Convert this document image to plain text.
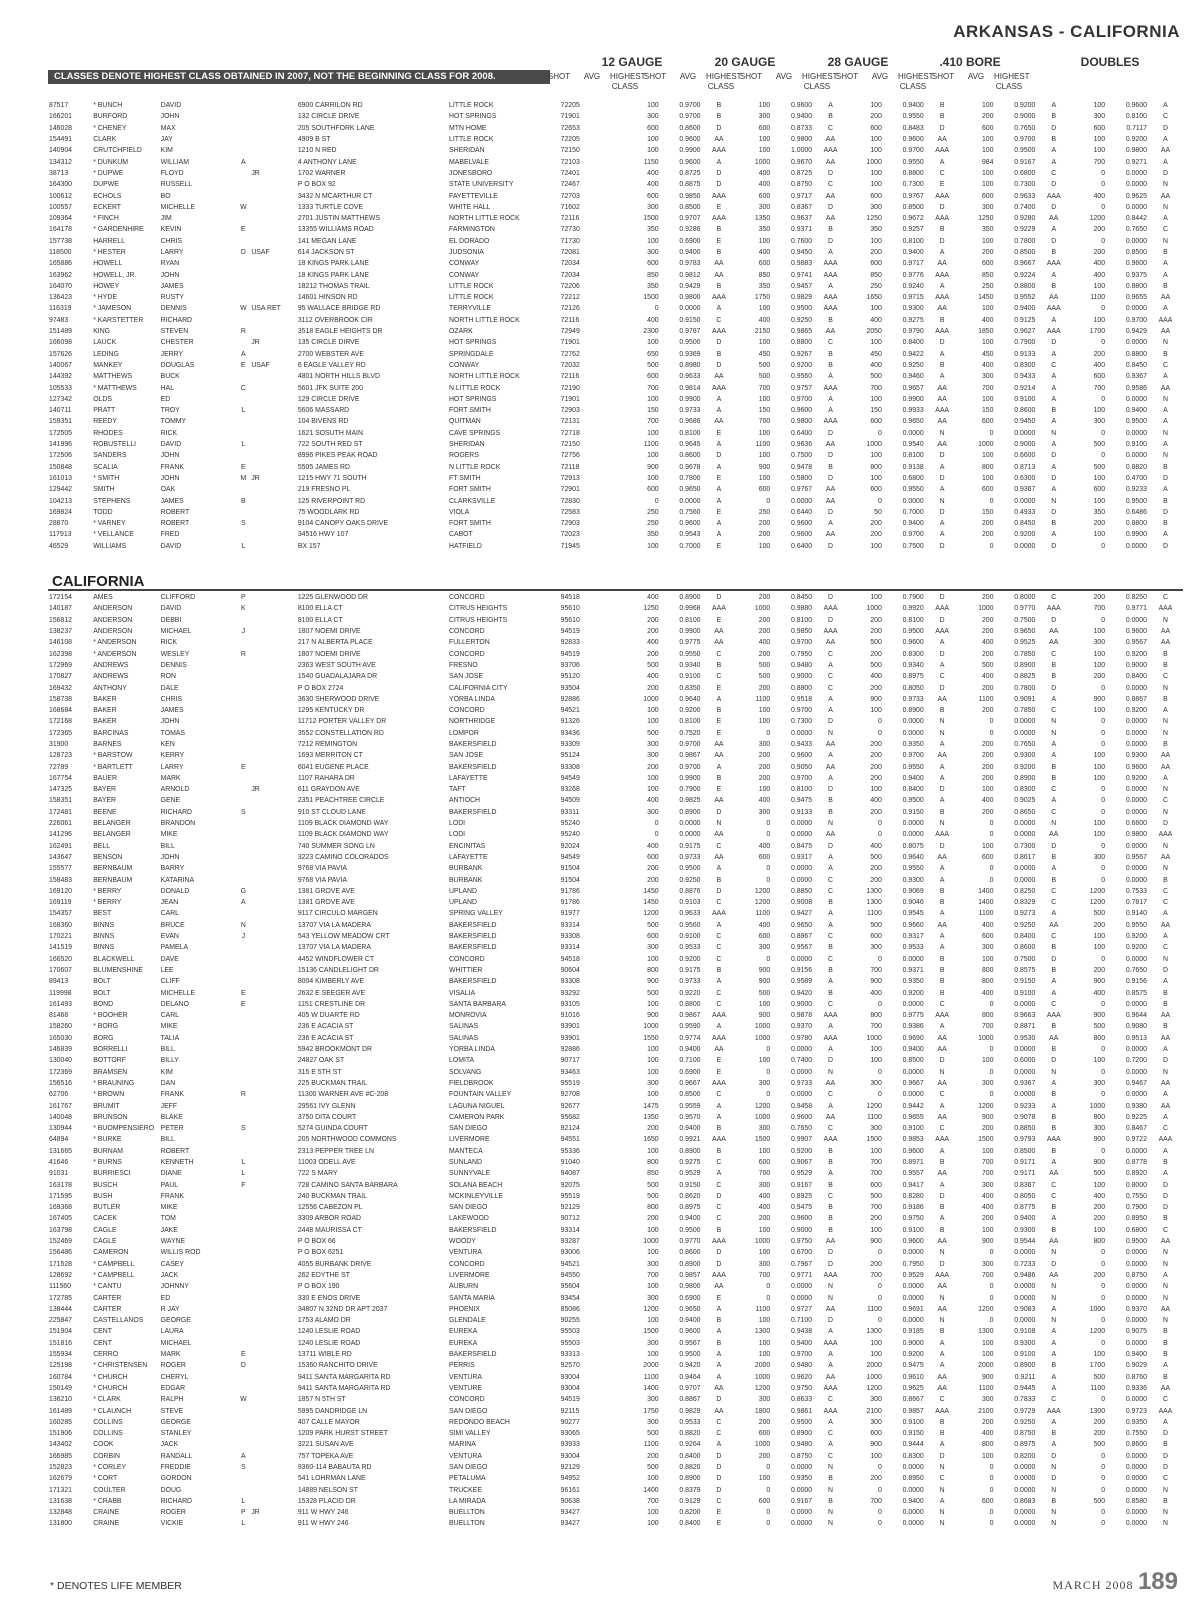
ARKANSAS - CALIFORNIA
12 GAUGE	20 GAUGE	28 GAUGE	.410 BORE	DOUBLES
CLASSES DENOTE HIGHEST CLASS OBTAINED IN 2007, NOT THE BEGINNING CLASS FOR 2008.	SHOT	AVG	HIGHEST
CLASS
SHOT	AVG	HIGHEST
CLASS
SHOT	AVG	HIGHEST
CLASS
SHOT	AVG	HIGHEST
CLASS
SHOT	AVG	HIGHEST
CLASS
87517	* BUNCH	DAVID			6900 CARRILON RD	LITTLE ROCK	72205	100	0.9700	B	100	0.9600	A	100	0.9400	B	100	0.9200	A	100	0.9600	A
166201	BURFORD	JOHN			132 CIRCLE DRIVE	HOT SPRINGS	71901	300	0.9700	B	300	0.9400	B	200	0.9550	B	200	0.9000	B	300	0.8100	C
146028	* CHENEY	MAX			205 SOUTHFORK LANE	MTN HOME	72653	600	0.8600	D	600	0.8733	C	600	0.8483	D	600	0.7650	D	600	0.7117	D
154491	CLARK	JAY			4909 B ST	LITTLE ROCK	72205	100	0.9600	AA	100	0.9800	AA	100	0.9600	AA	100	0.9700	B	100	0.9200	A
140904	CRUTCHFIELD	KIM			1210 N RED	SHERIDAN	72150	100	0.9900	AAA	100	1.0000	AAA	100	0.9700	AAA	100	0.9500	A	100	0.9800	AA
134312	* DUNKUM	WILLIAM	A		4 ANTHONY LANE	MABELVALE	72103	1150	0.9600	A	1000	0.9670	AA	1000	0.9550	A	984	0.9167	A	700	0.9271	A
38713	* DUPWE	FLOYD		JR	1702 WARNER	JONESBORO	72401	400	0.8725	D	400	0.8725	D	100	0.8800	C	100	0.6800	C	0	0.0000	D
164300	DUPWE	RUSSELL			P O BOX 92	STATE UNIVERSITY	72467	400	0.8875	D	400	0.8750	C	100	0.7300	E	100	0.7300	D	0	0.0000	N
100612	ECHOLS	BO			3432 N MCARTHUR CT	FAYETTEVILLE	72703	600	0.9850	AAA	600	0.9717	AA	600	0.9767	AAA	600	0.9633	AAA	400	0.9625	AA
100557	ECKERT	MICHELLE	W		1333 TURTLE COVE	WHITE HALL	71602	300	0.8500	E	300	0.8367	D	300	0.8500	D	300	0.7400	D	0	0.0000	N
109364	* FINCH	JIM			2701 JUSTIN MATTHEWS	NORTH LITTLE ROCK	72116	1500	0.9707	AAA	1350	0.9637	AA	1250	0.9672	AAA	1250	0.9280	AA	1200	0.8442	A
164178	* GARDENHIRE	KEVIN	E		13355 WILLIAMS ROAD	FARMINGTON	72730	350	0.9286	B	350	0.9371	B	350	0.9257	B	350	0.9229	A	200	0.7650	C
157738	HARRELL	CHRIS			141 MEGAN LANE	EL DORADO	71730	100	0.6900	E	100	0.7600	D	100	0.8100	D	100	0.7800	D	0	0.0000	N
118500	* HESTER	LARRY	D	USAF	614 JACKSON ST	JUDSONIA	72081	300	0.9400	B	400	0.9450	A	200	0.9400	A	200	0.8500	B	200	0.8500	B
165886	HOWELL	RYAN			18 KINGS PARK LANE	CONWAY	72034	600	0.9783	AA	600	0.9883	AAA	600	0.9717	AA	600	0.9667	AAA	400	0.9600	A
163962	HOWELL, JR.	JOHN			18 KINGS PARK LANE	CONWAY	72034	850	0.9812	AA	850	0.9741	AAA	850	0.9776	AAA	850	0.9224	A	400	0.9375	A
164070	HOWEY	JAMES			18212 THOMAS TRAIL	LITTLE ROCK	72206	350	0.9429	B	350	0.9457	A	250	0.9240	A	250	0.8800	B	100	0.8800	B
136423	* HYDE	RUSTY			14601 HINSON RD	LITTLE ROCK	72212	1500	0.9800	AAA	1750	0.9829	AAA	1650	0.9715	AAA	1450	0.9552	AA	1100	0.9655	AA
116319	* JAMESON	DENNIS	W	USA RET	95 WALLACE BRIDGE RD	TERRYVILLE	72126	0	0.0000	A	100	0.9500	AAA	100	0.9300	AA	100	0.9400	AAA	0	0.0000	A
97483	* KARSTETTER	RICHARD			3112 OVERBROOK CIR	NORTH LITTLE ROCK	72116	400	0.9150	C	400	0.9250	B	400	0.9275	B	400	0.9125	A	100	0.9700	AAA
151489	KING	STEVEN	R		3518 EAGLE HEIGHTS DR	OZARK	72949	2300	0.9787	AAA	2150	0.9865	AA	2050	0.9790	AAA	1850	0.9627	AAA	1700	0.9429	AA
166098	LAUCK	CHESTER		JR	135 CIRCLE DIRVE	HOT SPRINGS	71901	100	0.9500	D	100	0.8800	C	100	0.8400	D	100	0.7900	D	0	0.0000	N
157626	LEDING	JERRY	A		2700 WEBSTER AVE	SPRINGDALE	72762	650	0.9369	B	450	0.9267	B	450	0.9422	A	450	0.9133	A	200	0.8800	B
140067	MANKEY	DOUGLAS	E	USAF	6 EAGLE VALLEY RD	CONWAY	72032	500	0.8980	D	500	0.9200	B	400	0.9250	B	400	0.8300	C	400	0.8450	C
144392	MATTHEWS	BUCK			4801 NORTH HILLS BLVD	NORTH LITTLE ROCK	72116	600	0.9633	AA	500	0.9560	A	500	0.9460	A	300	0.9433	A	600	0.9367	A
105533	* MATTHEWS	HAL	C		5601 JFK SUITE 200	N LITTLE ROCK	72190	700	0.9814	AAA	700	0.9757	AAA	700	0.9657	AA	700	0.9214	A	700	0.9586	AA
127342	OLDS	ED			129 CIRCLE DRIVE	HOT SPRINGS	71901	100	0.9900	A	100	0.9700	A	100	0.9900	AA	100	0.9100	A	0	0.0000	N
140711	PRATT	TROY	L		5606 MASSARD	FORT SMITH	72903	150	0.9733	A	150	0.9600	A	150	0.9933	AAA	150	0.8600	B	100	0.9400	A
159351	REEDY	TOMMY			104 BIVENS RD	QUITMAN	72131	700	0.9686	AA	700	0.9800	AAA	600	0.9650	AA	600	0.9450	A	300	0.9500	A
172505	RHODES	RICK			1621 SOSUTH MAIN	CAVE SPRINGS	72718	100	0.8100	E	100	0.6400	D	0	0.0000	N	0	0.0000	N	0	0.0000	N
141996	ROBUSTELLI	DAVID	L		722 SOUTH RED ST	SHERIDAN	72150	1100	0.9645	A	1100	0.9636	AA	1000	0.9540	AA	1000	0.9000	A	500	0.9100	A
172506	SANDERS	JOHN			8996 PIKES PEAK ROAD	ROGERS	72756	100	0.8600	D	100	0.7500	D	100	0.8100	D	100	0.6600	D	0	0.0000	N
150848	SCALIA	FRANK	E		5505 JAMES RD	N LITTLE ROCK	72118	900	0.9678	A	900	0.9478	B	800	0.9138	A	800	0.8713	A	500	0.8820	B
161013	* SMITH	JOHN	M	JR	1215 HWY 71 SOUTH	FT SMITH	72913	100	0.7800	E	100	0.5800	D	100	0.6800	D	100	0.6300	D	100	0.4700	D
129442	SMITH	OAK			219 FRESNO PL	FORT SMITH	72901	600	0.9650	A	600	0.9767	AA	600	0.9550	A	600	0.9367	A	600	0.9233	A
104213	STEPHENS	JAMES	B		125 RIVERPOINT RD	CLARKSVILLE	72830	0	0.0000	A	0	0.0000	AA	0	0.0000	N	0	0.0000	N	100	0.9500	B
169824	TODD	ROBERT			75 WOODLARK RD	VIOLA	72583	250	0.7560	E	250	0.6440	D	50	0.7000	D	150	0.4933	D	350	0.6486	D
28870	* VARNEY	ROBERT	S		9104 CANOPY OAKS DRIVE	FORT SMITH	72903	250	0.9600	A	200	0.9600	A	200	0.9400	A	200	0.8450	B	200	0.8800	B
117913	* VELLANCE	FRED			34516 HWY 107	CABOT	72023	350	0.9543	A	200	0.9600	AA	200	0.9700	A	200	0.9200	A	100	0.9900	A
46529	WILLIAMS	DAVID	L		BX 157	HATFIELD	71945	100	0.7000	E	100	0.6400	D	100	0.7500	D	0	0.0000	D	0	0.0000	D
CALIFORNIA
172154	AMES	CLIFFORD	P		1225 GLENWOOD DR	CONCORD	94518	400	0.8900	D	200	0.8450	D	100	0.7900	D	200	0.8000	C	200	0.8250	C
140187	ANDERSON	DAVID	K		8100 ELLA CT	CITRUS HEIGHTS	95610	1250	0.9968	AAA	1000	0.9880	AAA	1000	0.9920	AAA	1000	0.9770	AAA	700	0.9771	AAA
156812	ANDERSON	DEBBI			8100 ELLA CT	CITRUS HEIGHTS	95610	200	0.8100	E	200	0.8100	D	200	0.8100	D	200	0.7500	D	0	0.0000	N
138237	ANDERSON	MICHAEL	J		1807 NOEMI DRIVE	CONCORD	94519	200	0.9900	AA	200	0.9850	AAA	200	0.9500	AAA	200	0.9650	AA	100	0.9600	AA
146108	* ANDERSON	RICK			217 N ALBERTA PLACE	FULLERTON	92833	400	0.9775	AA	400	0.9700	AA	500	0.9600	A	400	0.9525	AA	300	0.9567	AA
162398	* ANDERSON	WESLEY	R		1807 NOEMI DRIVE	CONCORD	94519	200	0.9550	C	200	0.7950	C	200	0.8300	D	200	0.7850	C	100	0.9200	B
172969	ANDREWS	DENNIS			2363 WEST SOUTH AVE	FRESNO	93706	500	0.9340	B	500	0.9480	A	500	0.9340	A	500	0.8900	B	100	0.9000	B
170827	ANDREWS	RON			1540 GUADALAJARA DR	SAN JOSE	95120	400	0.9100	C	500	0.9000	C	400	0.8975	C	400	0.8825	B	200	0.8400	C
169432	ANTHONY	DALE			P O BOX 2724	CALIFORNIA CITY	93504	200	0.8350	E	200	0.8800	C	200	0.8050	D	200	0.7800	D	0	0.0000	N
158738	BAKER	CHRIS			3630 SHERWOOD DRIVE	YORBA LINDA	92886	1000	0.9640	A	1100	0.9518	A	900	0.9733	AA	1100	0.9091	A	900	0.8867	B
168684	BAKER	JAMES			1295 KENTUCKY DR	CONCORD	94521	100	0.9200	B	100	0.9700	A	100	0.8900	B	200	0.7850	C	100	0.9200	A
172168	BAKER	JOHN			11712 PORTER VALLEY DR	NORTHRIDGE	91326	100	0.8100	E	100	0.7300	D	0	0.0000	N	0	0.0000	N	0	0.0000	N
172365	BARCINAS	TOMAS			3552 CONSTELLATION RD	LOMPOR	93436	500	0.7520	E	0	0.0000	N	0	0.0000	N	0	0.0000	N	0	0.0000	N
31900	BARNES	KEN			7212 REMINGTON	BAKERSFIELD	93309	300	0.9700	AA	300	0.9433	AA	200	0.9350	A	200	0.7650	A	0	0.0000	B
128723	* BARSTOW	KERRY			1693 MERRITON CT	SAN JOSE	95124	300	0.9867	AA	200	0.9600	A	200	0.9700	AA	200	0.9300	A	100	0.9300	AA
72789	* BARTLETT	LARRY	E		6041 EUGENE PLACE	BAKERSFIELD	93308	200	0.9700	A	200	0.9050	AA	200	0.9550	A	200	0.9200	B	100	0.9600	AA
167754	BAUER	MARK			1107 RAHARA DR	LAFAYETTE	94549	100	0.9900	B	200	0.9700	A	200	0.9400	A	200	0.8900	B	100	0.9200	A
147325	BAYER	ARNOLD		JR	611 GRAYDON AVE	TAFT	93268	100	0.7900	E	100	0.8100	D	100	0.8400	D	100	0.8300	C	0	0.0000	N
158351	BAYER	GENE			2351 PEACHTREE CIRCLE	ANTIOCH	94509	400	0.9825	AA	400	0.9475	B	400	0.9500	A	400	0.9025	A	0	0.0000	C
172481	BEENE	RICHARD	S		910 ST CLOUD LANE	BAKERSFIELD	93311	300	0.8900	D	300	0.9133	B	200	0.9150	B	200	0.8650	C	0	0.0000	N
226061	BELANGER	BRANDON			1109 BLACK DIAMOND WAY	LODI	95240	0	0.0000	N	0	0.0000	N	0	0.0000	N	0	0.0000	N	100	0.6600	D
141296	BELANGER	MIKE			1109 BLACK DIAMOND WAY	LODI	95240	0	0.0000	AA	0	0.0000	AA	0	0.0000	AAA	0	0.0000	AA	100	0.9800	AAA
162491	BELL	BILL			740 SUMMER SONG LN	ENCINITAS	92024	400	0.9175	C	400	0.8475	D	400	0.8075	D	100	0.7300	D	0	0.0000	N
143647	BENSON	JOHN			3223 CAMINO COLORADOS	LAFAYETTE	94549	600	0.9733	AA	600	0.9317	A	500	0.9640	AA	600	0.8617	B	300	0.9567	AA
155577	BERNBAUM	BARRY			9768 VIA PAVIA	BURBANK	91504	200	0.9500	A	0	0.0000	A	200	0.9550	A	0	0.0000	A	0	0.0000	N
158483	BERNBAUM	KATARINA			9768 VIA PAVIA	BURBANK	91504	200	0.9250	B	0	0.0000	C	200	0.9300	A	0	0.0000	B	0	0.0000	B
169120	* BERRY	DONALD	G		1381 GROVE AVE	UPLAND	91786	1450	0.8876	D	1200	0.8850	C	1300	0.9069	B	1400	0.8250	C	1200	0.7533	C
169119	* BERRY	JEAN	A		1381 GROVE AVE	UPLAND	91786	1450	0.9103	C	1200	0.9008	B	1300	0.9046	B	1400	0.8329	C	1200	0.7817	C
154357	BEST	CARL			9117 CIRCULO MARGEN	SPRING VALLEY	91977	1200	0.9633	AAA	1100	0.9427	A	1100	0.9545	A	1100	0.9273	A	500	0.9140	A
168360	BINNS	BRUCE	N		13707 VIA LA MADERA	BAKERSFIELD	93314	500	0.9560	A	400	0.9650	A	500	0.9660	AA	400	0.9250	AA	200	0.9550	AA
170221	BINNS	EVAN	J		543 YELLOW MEADOW CRT	BAKERSFIELD	93308	600	0.9100	C	600	0.8867	C	600	0.9317	A	600	0.8400	C	100	0.9200	A
141519	BINNS	PAMELA			13707 VIA LA MADERA	BAKERSFIELD	93314	300	0.9533	C	300	0.9567	B	300	0.9533	A	300	0.8600	B	100	0.9200	C
166520	BLACKWELL	DAVE			4452 WINDFLOWER CT	CONCORD	94518	100	0.9200	C	0	0.0000	C	0	0.0000	B	100	0.7500	D	0	0.0000	N
170607	BLUMENSHINE	LEE			15136 CANDLELIGHT DR	WHITTIER	90604	800	0.9175	B	900	0.9156	B	700	0.9371	B	800	0.8575	B	200	0.7650	D
89413	BOLT	CLIFF			8004 KIMBERLY AVE	BAKERSFIELD	93308	900	0.9733	A	900	0.9589	A	900	0.9350	B	800	0.9150	A	900	0.9156	A
119998	BOLT	MICHELLE	E		2632 E SEEGER AVE	VISALIA	93292	500	0.9220	C	500	0.9420	B	400	0.9200	B	400	0.9100	A	400	0.8575	B
161493	BOND	DELANO	E		1151 CRESTLINE DR	SANTA BARBARA	93105	100	0.8800	C	100	0.9000	C	0	0.0000	C	0	0.0000	C	0	0.0000	B
81468	* BOOHER	CARL			405 W DUARTE RD	MONROVIA	91016	900	0.9867	AAA	900	0.9878	AAA	800	0.9775	AAA	800	0.9663	AAA	900	0.9644	AA
158260	* BORG	MIKE			236 E ACACIA ST	SALINAS	93901	1000	0.9590	A	1000	0.9370	A	700	0.9386	A	700	0.8871	B	500	0.9080	B
165030	BORG	TALIA			236 E ACACIA ST	SALINAS	93901	1550	0.9774	AAA	1000	0.9780	AAA	1000	0.9690	AA	1000	0.9530	AA	800	0.9513	AA
146839	BORRELLI	BILL			5942 BROOKMONT DR	YORBA LINDA	92886	100	0.9400	AA	0	0.0000	A	100	0.9400	AA	0	0.0000	B	0	0.0000	A
130040	BOTTORF	BILLY			24827 OAK ST	LOMITA	90717	100	0.7100	E	100	0.7400	D	100	0.8500	D	100	0.6000	D	100	0.7200	D
172369	BRAMSEN	KIM			315 E 5TH ST	SOLVANG	93463	100	0.6900	E	0	0.0000	N	0	0.0000	N	0	0.0000	N	0	0.0000	N
156516	* BRAUNING	DAN			225 BUCKMAN TRAIL	FIELDBROOK	95519	300	0.9667	AAA	300	0.9733	AA	300	0.9667	AA	300	0.9367	A	300	0.9467	AA
62706	* BROWN	FRANK	R		11300 WARNER AVE #C-208	FOUNTAIN VALLEY	92708	100	0.8500	C	0	0.0000	C	0	0.0000	C	0	0.0000	B	0	0.0000	A
161767	BRUMIT	JEFF			29561 IVY GLENN	LAGUNA NIGUEL	92677	1475	0.9559	A	1200	0.9458	A	1200	0.9442	A	1200	0.9233	A	1000	0.9380	AA
140048	BRUNSON	BLAKE			3750 DITA COURT	CAMERON PARK	95682	1350	0.9570	A	1000	0.9600	AA	1100	0.9655	AA	900	0.9078	B	800	0.9225	A
130944	* BUOMPENSIERO	PETER	S		5274 GUINDA COURT	SAN DIEGO	92124	200	0.9400	B	300	0.7650	C	300	0.9100	C	200	0.8850	B	300	0.8467	C
64894	* BURKE	BILL			205 NORTHWOOD COMMONS	LIVERMORE	94551	1650	0.9921	AAA	1500	0.9907	AAA	1500	0.9853	AAA	1500	0.9793	AAA	900	0.9722	AAA
131665	BURNAM	ROBERT			2313 PEPPER TREE LN	MANTECA	95336	100	0.8900	B	100	0.9200	B	100	0.9600	A	100	0.8500	B	0	0.0000	A
41646	* BURNS	KENNETH	L		11003 ODELL AVE	SUNLAND	91040	800	0.9275	C	600	0.9067	B	700	0.8971	B	700	0.9171	A	900	0.8778	B
91031	BURRIESCI	DIANE	L		722 S MARY	SUNNYVALE	94087	850	0.9529	A	700	0.9529	A	700	0.9557	AA	700	0.9171	AA	500	0.8920	A
163178	BUSCH	PAUL	F		728 CAMINO SANTA BARBARA	SOLANA BEACH	92075	500	0.9150	C	300	0.9167	B	600	0.9417	A	300	0.8367	C	100	0.8000	D
171595	BUSH	FRANK			240 BUCKMAN TRAIL	MCKINLEYVILLE	95519	500	0.8620	D	400	0.8925	C	500	0.8280	D	400	0.8050	C	400	0.7550	D
169368	BUTLER	MIKE			12556 CABEZON PL	SAN DIEGO	92129	800	0.8975	C	400	0.9475	B	700	0.9186	B	400	0.8775	B	200	0.7900	D
167405	CACEK	TOM			3309 ARBOR ROAD	LAKEWOOD	90712	200	0.9400	C	200	0.9600	B	200	0.9750	A	200	0.9400	A	200	0.8950	B
163798	CAGLE	JAKE			2448 MAURISSA CT	BAKERSFIELD	93314	100	0.9500	B	100	0.9000	B	100	0.9100	B	100	0.9300	B	100	0.6800	C
152469	CAGLE	WAYNE			P O BOX 66	WOODY	93287	1000	0.9770	AAA	1000	0.9750	AA	900	0.9600	AA	900	0.9544	AA	800	0.9500	AA
156486	CAMERON	WILLIS ROD			P O BOX 6251	VENTURA	93006	100	0.8600	D	100	0.6700	D	0	0.0000	N	0	0.0000	N	0	0.0000	N
171528	* CAMPBELL	CASEY			4055 BURBANK DRIVE	CONCORD	94521	300	0.8900	D	300	0.7967	D	200	0.7950	D	300	0.7233	D	0	0.0000	N
128692	* CAMPBELL	JACK			262 EDYTHE ST	LIVERMORE	94550	700	0.9857	AAA	700	0.9771	AAA	700	0.9529	AAA	700	0.9486	AA	200	0.8750	A
111560	* CANTU	JOHNNY			P O BOX 190	AUBURN	95604	100	0.9800	AA	0	0.0000	N	0	0.0000	AA	0	0.0000	N	0	0.0000	N
172785	CARTER	ED			330 E ENOS DRIVE	SANTA MARIA	93454	300	0.6900	E	0	0.0000	N	0	0.0000	N	0	0.0000	N	0	0.0000	N
138444	CARTER	R JAY			34807 N 32ND DR APT 2037	PHOENIX	85086	1200	0.9650	A	1100	0.9727	AA	1100	0.9691	AA	1200	0.9083	A	1000	0.9370	AA
225847	CASTELLANOS	GEORGE			1753 ALAMO DR	GLENDALE	90255	100	0.9400	B	100	0.7100	D	0	0.0000	N	0	0.0000	N	0	0.0000	N
151904	CENT	LAURA			1240 LESLIE ROAD	EUREKA	95503	1500	0.9600	A	1300	0.9438	A	1300	0.9185	B	1300	0.9108	A	1200	0.9075	B
151816	CENT	MICHAEL			1240 LESLIE ROAD	EUREKA	95503	300	0.9567	B	100	0.9400	AAA	100	0.9000	A	100	0.9300	A	0	0.0000	B
155934	CERRO	MARK	E		13711 WIBLE RD	BAKERSFIELD	93313	100	0.9500	A	100	0.9700	A	100	0.9200	A	100	0.9100	A	100	0.9400	B
125198	* CHRISTENSEN	ROGER	D		15360 RANCHITO DRIVE	PERRIS	92570	2000	0.9420	A	2000	0.9480	A	2000	0.9475	A	2000	0.8900	B	1700	0.9029	A
160784	* CHURCH	CHERYL			9411 SANTA MARGARITA RD	VENTURA	93004	1100	0.9464	A	1000	0.9620	AA	1000	0.9610	AA	900	0.9211	A	500	0.8760	B
150149	* CHURCH	EDGAR			9411 SANTA MARGARITA RD	VENTURE	93004	1400	0.9707	AA	1200	0.9750	AAA	1200	0.9625	AA	1100	0.9445	A	1100	0.9336	AA
136210	* CLARK	RALPH	W		1857 N 5TH ST	CONCORD	94519	300	0.8867	D	300	0.8633	C	300	0.8667	C	300	0.7833	C	0	0.0000	C
161489	* CLAUNCH	STEVE			5995 DANDRIDGE LN	SAN DIEGO	92115	1750	0.9829	AA	1800	0.9861	AAA	2100	0.9857	AAA	2100	0.9729	AAA	1300	0.9723	AAA
160285	COLLINS	GEORGE			407 CALLE MAYOR	REDONDO BEACH	90277	300	0.9533	C	200	0.9500	A	300	0.9100	B	200	0.9250	A	200	0.9350	A
151906	COLLINS	STANLEY			1209 PARK HURST STREET	SIMI VALLEY	93065	500	0.8820	C	600	0.8900	C	600	0.9150	B	400	0.8750	B	200	0.7550	D
143402	COOK	JACK			3221 SUSAN AVE	MARINA	93933	1100	0.9264	A	1000	0.9480	A	900	0.9444	A	800	0.8975	A	500	0.8600	B
166985	CORBIN	RANDALL	A		757 TOPEKA AVE	VENTURA	93004	200	0.8400	D	200	0.8750	C	100	0.8300	D	100	0.8200	D	0	0.0000	D
152823	* CORLEY	FREDDIE	S		9360-114 BABAUTA RD	SAN DIEGO	92129	500	0.8820	D	0	0.0000	N	0	0.0000	N	0	0.0000	N	0	0.0000	D
162679	* CORT	GORDON			541 LOHRMAN LANE	PETALUMA	94952	100	0.8900	D	100	0.9350	B	200	0.8950	C	0	0.0000	D	0	0.0000	C
171321	COULTER	DOUG			14889 NELSON ST	TRUCKEE	96161	1400	0.8379	D	0	0.0000	N	0	0.0000	N	0	0.0000	N	0	0.0000	N
131638	* CRABB	RICHARD	L		15328 PLACID DR	LA MIRADA	90638	700	0.9129	C	600	0.9167	B	700	0.9400	A	600	0.8683	B	500	0.8580	B
132848	CRAINE	ROGER	P	JR	911 W HWY 246	BUELLTON	93427	100	0.8200	E	0	0.0000	N	0	0.0000	N	0	0.0000	N	0	0.0000	N
131800	CRAINE	VICKIE	L		911 W HWY 246	BUELLTON	93427	100	0.8400	E	0	0.0000	N	0	0.0000	N	0	0.0000	N	0	0.0000	N
* DENOTES LIFE MEMBER	MARCH 2008 189
